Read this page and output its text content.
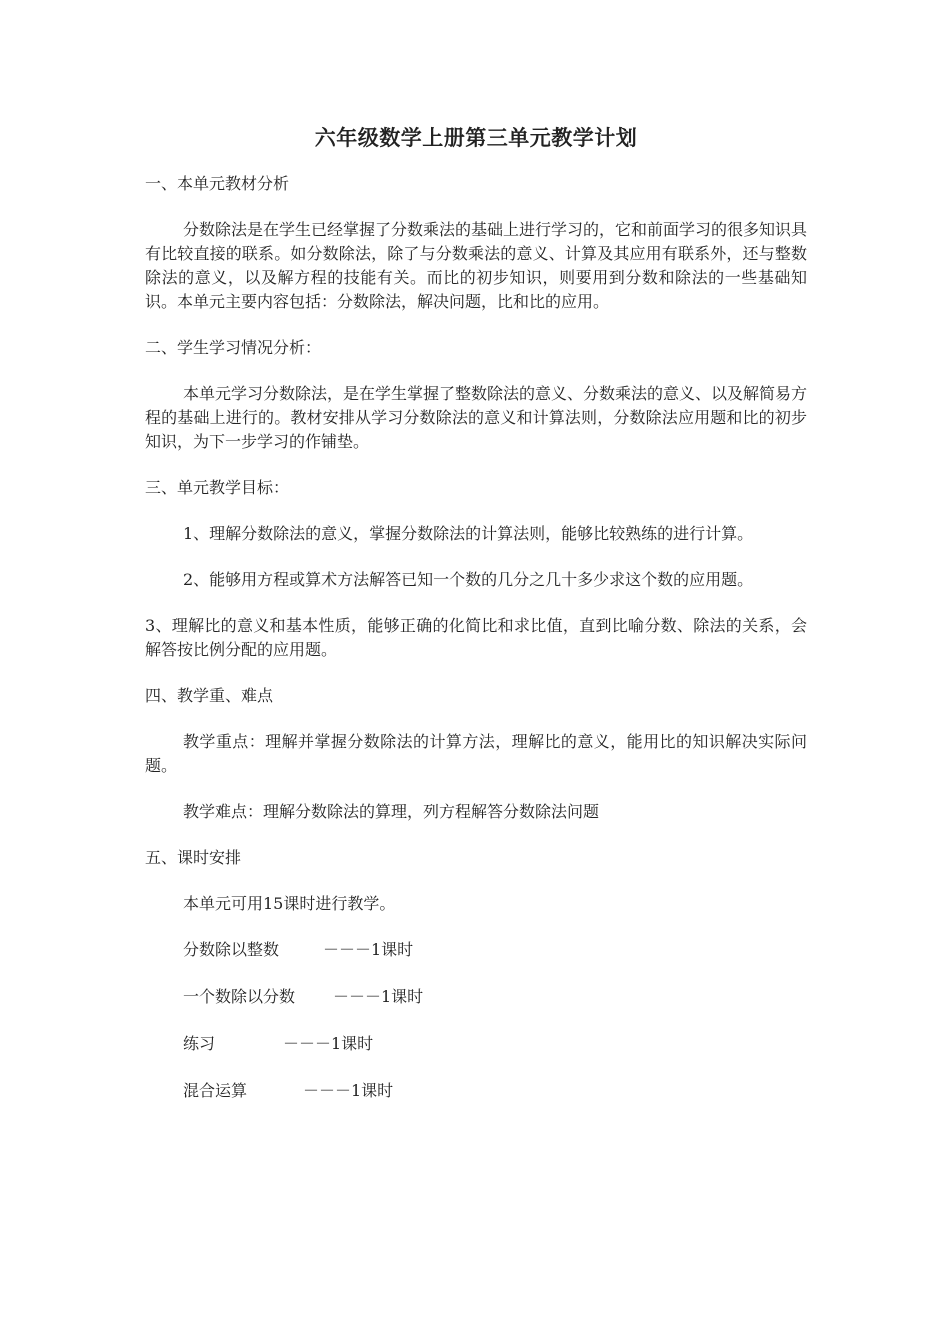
六年级数学上册第三单元教学计划
一、本单元教材分析
分数除法是在学生已经掌握了分数乘法的基础上进行学习的，它和前面学习的很多知识具有比较直接的联系。如分数除法，除了与分数乘法的意义、计算及其应用有联系外，还与整数除法的意义，以及解方程的技能有关。而比的初步知识，则要用到分数和除法的一些基础知识。本单元主要内容包括：分数除法，解决问题，比和比的应用。
二、学生学习情况分析：
本单元学习分数除法，是在学生掌握了整数除法的意义、分数乘法的意义、以及解简易方程的基础上进行的。教材安排从学习分数除法的意义和计算法则，分数除法应用题和比的初步知识，为下一步学习的作铺垫。
三、单元教学目标：
1、理解分数除法的意义，掌握分数除法的计算法则，能够比较熟练的进行计算。
2、能够用方程或算术方法解答已知一个数的几分之几十多少求这个数的应用题。
3、理解比的意义和基本性质，能够正确的化简比和求比值，直到比喻分数、除法的关系，会解答按比例分配的应用题。
四、教学重、难点
教学重点：理解并掌握分数除法的计算方法，理解比的意义，能用比的知识解决实际问题。
教学难点：理解分数除法的算理，列方程解答分数除法问题
五、课时安排
本单元可用15课时进行教学。
分数除以整数	－－－1课时
一个数除以分数 －－－1课时
练习	－－－1课时
混合运算	－－－1课时
